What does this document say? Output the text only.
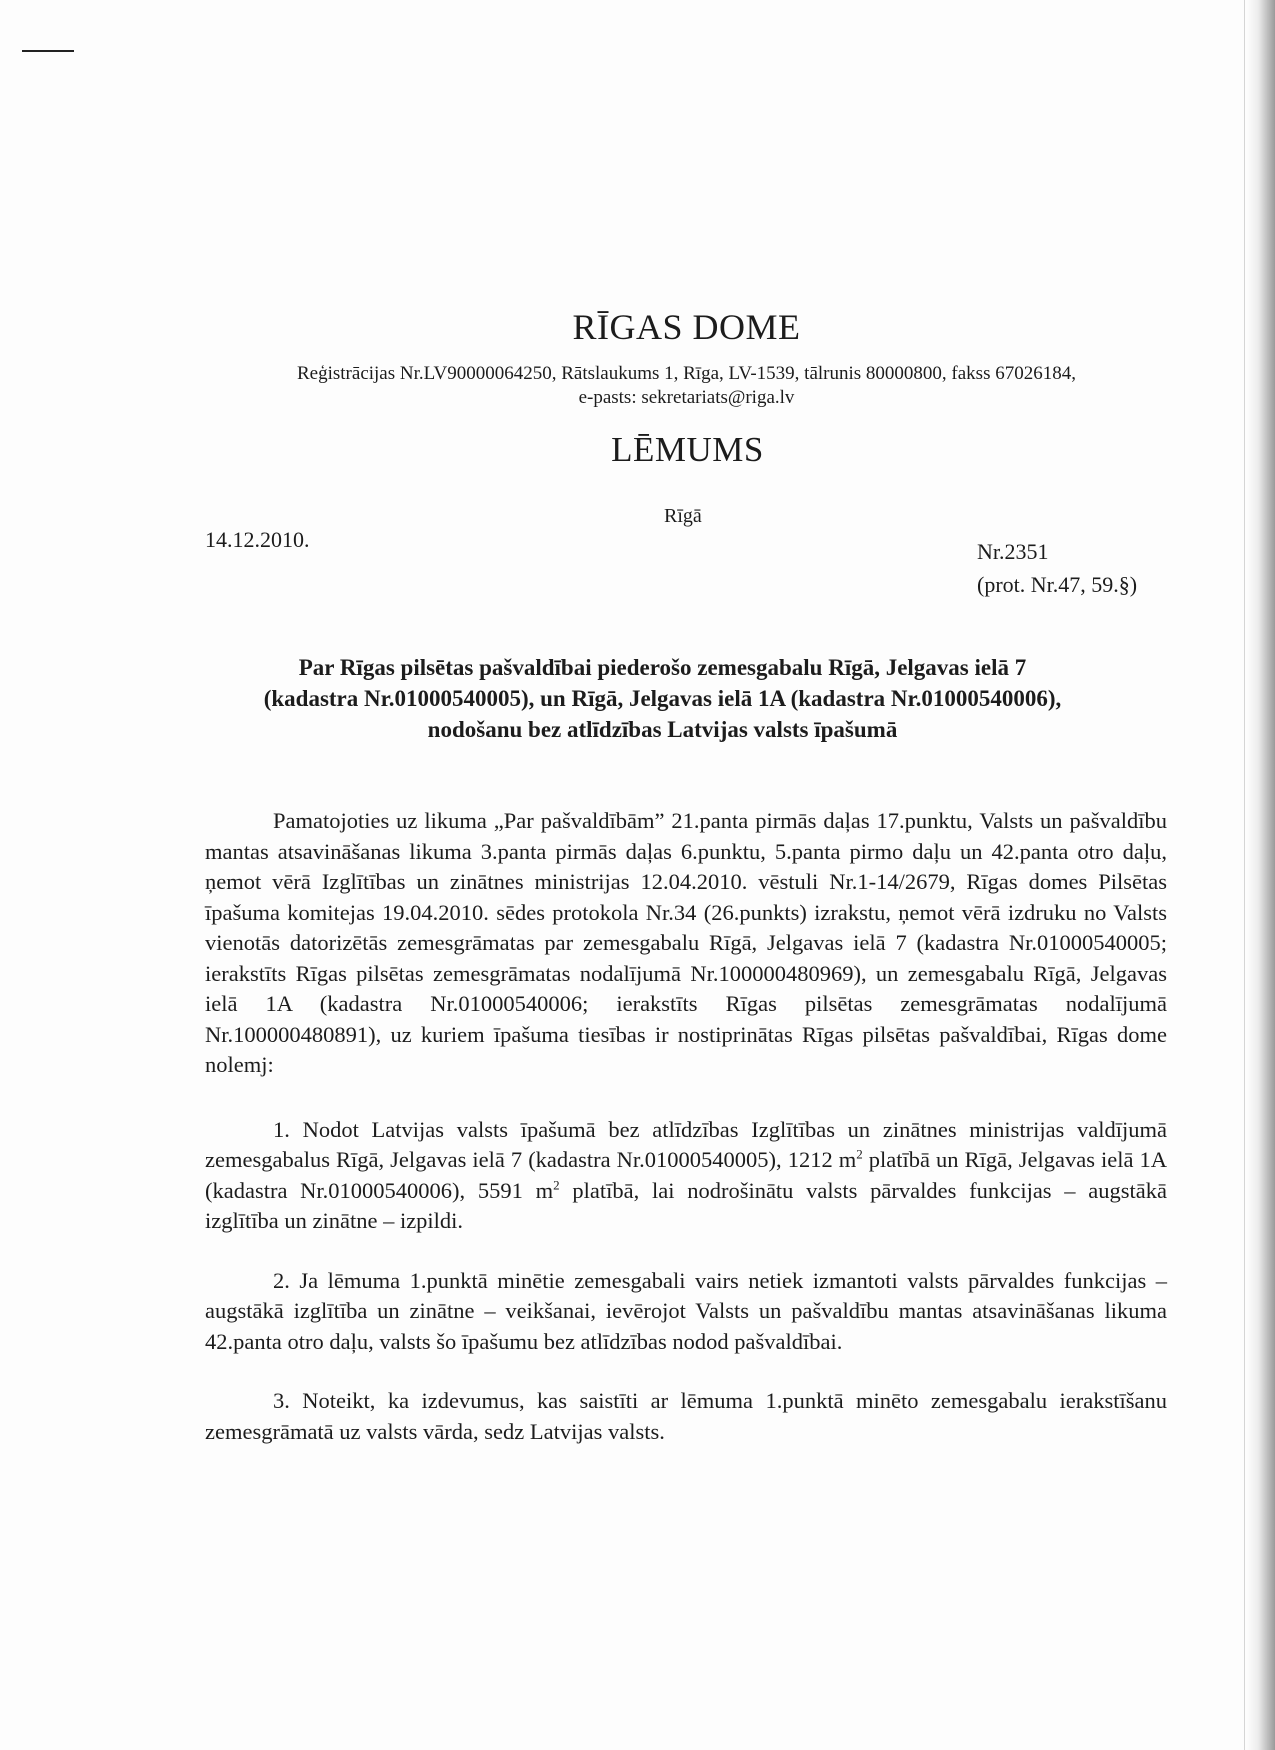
RĪGAS DOME
Reģistrācijas Nr.LV90000064250, Rātslaukums 1, Rīga, LV-1539, tālrunis 80000800, fakss 67026184,
e-pasts: sekretariats@riga.lv
LĒMUMS
Rīgā
14.12.2010.	Nr.2351
(prot. Nr.47, 59.§)
Par Rīgas pilsētas pašvaldībai piederošo zemesgabalu Rīgā, Jelgavas ielā 7
(kadastra Nr.01000540005), un Rīgā, Jelgavas ielā 1A (kadastra Nr.01000540006),
nodošanu bez atlīdzības Latvijas valsts īpašumā

Pamatojoties uz likuma „Par pašvaldībām” 21.panta pirmās daļas 17.punktu, Valsts un pašvaldību mantas atsavināšanas likuma 3.panta pirmās daļas 6.punktu, 5.panta pirmo daļu un 42.panta otro daļu, ņemot vērā Izglītības un zinātnes ministrijas 12.04.2010. vēstuli Nr.1-14/2679, Rīgas domes Pilsētas īpašuma komitejas 19.04.2010. sēdes protokola Nr.34 (26.punkts) izrakstu, ņemot vērā izdruku no Valsts vienotās datorizētās zemesgrāmatas par zemesgabalu Rīgā, Jelgavas ielā 7 (kadastra Nr.01000540005; ierakstīts Rīgas pilsētas zemesgrāmatas nodalījumā Nr.100000480969), un zemesgabalu Rīgā, Jelgavas ielā 1A (kadastra Nr.01000540006; ierakstīts Rīgas pilsētas zemesgrāmatas nodalījumā Nr.100000480891), uz kuriem īpašuma tiesības ir nostiprinātas Rīgas pilsētas pašvaldībai, Rīgas dome nolemj:

1. Nodot Latvijas valsts īpašumā bez atlīdzības Izglītības un zinātnes ministrijas valdījumā zemesgabalus Rīgā, Jelgavas ielā 7 (kadastra Nr.01000540005), 1212 $m^2$ platībā un Rīgā, Jelgavas ielā 1A (kadastra Nr.01000540006), 5591 $m^2$ platībā, lai nodrošinātu valsts pārvaldes funkcijas – augstākā izglītība un zinātne – izpildi.

2. Ja lēmuma 1.punktā minētie zemesgabali vairs netiek izmantoti valsts pārvaldes funkcijas – augstākā izglītība un zinātne – veikšanai, ievērojot Valsts un pašvaldību mantas atsavināšanas likuma 42.panta otro daļu, valsts šo īpašumu bez atlīdzības nodod pašvaldībai.

3. Noteikt, ka izdevumus, kas saistīti ar lēmuma 1.punktā minēto zemesgabalu ierakstīšanu zemesgrāmatā uz valsts vārda, sedz Latvijas valsts.
